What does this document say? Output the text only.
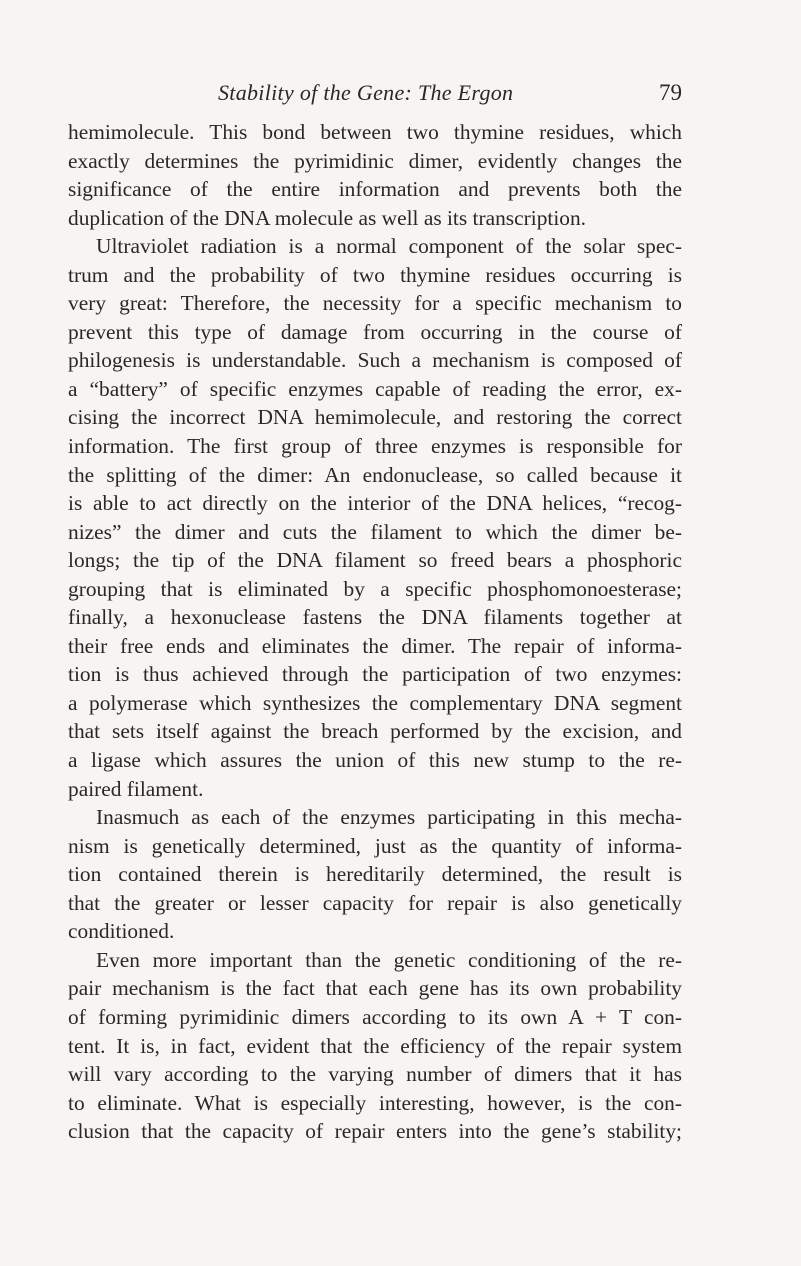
Stability of the Gene: The Ergon	79
hemimolecule. This bond between two thymine residues, which
exactly determines the pyrimidinic dimer, evidently changes the
significance of the entire information and prevents both the
duplication of the DNA molecule as well as its transcription.
Ultraviolet radiation is a normal component of the solar spec-
trum and the probability of two thymine residues occurring is
very great: Therefore, the necessity for a specific mechanism to
prevent this type of damage from occurring in the course of
philogenesis is understandable. Such a mechanism is composed of
a “battery” of specific enzymes capable of reading the error, ex-
cising the incorrect DNA hemimolecule, and restoring the correct
information. The first group of three enzymes is responsible for
the splitting of the dimer: An endonuclease, so called because it
is able to act directly on the interior of the DNA helices, “recog-
nizes” the dimer and cuts the filament to which the dimer be-
longs; the tip of the DNA filament so freed bears a phosphoric
grouping that is eliminated by a specific phosphomonoesterase;
finally, a hexonuclease fastens the DNA filaments together at
their free ends and eliminates the dimer. The repair of informa-
tion is thus achieved through the participation of two enzymes:
a polymerase which synthesizes the complementary DNA segment
that sets itself against the breach performed by the excision, and
a ligase which assures the union of this new stump to the re-
paired filament.
Inasmuch as each of the enzymes participating in this mecha-
nism is genetically determined, just as the quantity of informa-
tion contained therein is hereditarily determined, the result is
that the greater or lesser capacity for repair is also genetically
conditioned.
Even more important than the genetic conditioning of the re-
pair mechanism is the fact that each gene has its own probability
of forming pyrimidinic dimers according to its own A + T con-
tent. It is, in fact, evident that the efficiency of the repair system
will vary according to the varying number of dimers that it has
to eliminate. What is especially interesting, however, is the con-
clusion that the capacity of repair enters into the gene’s stability;
